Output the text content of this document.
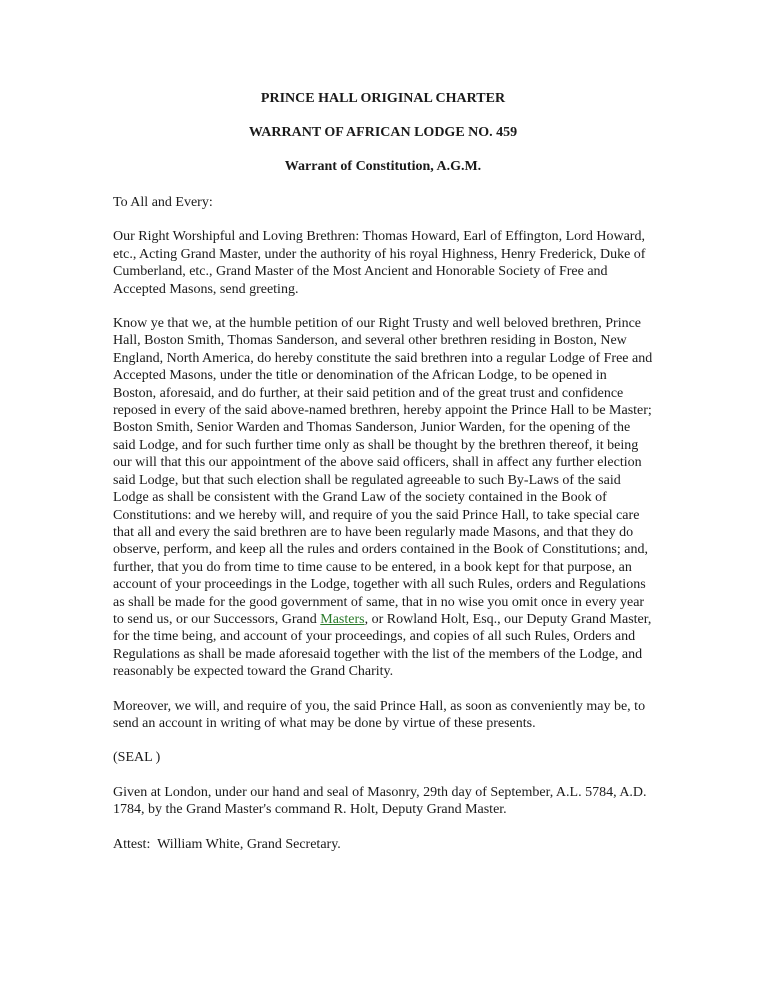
PRINCE HALL ORIGINAL CHARTER
WARRANT OF AFRICAN LODGE NO. 459
Warrant of Constitution, A.G.M.

To All and Every:

Our Right Worshipful and Loving Brethren: Thomas Howard, Earl of Effington, Lord Howard, etc., Acting Grand Master, under the authority of his royal Highness, Henry Frederick, Duke of Cumberland, etc., Grand Master of the Most Ancient and Honorable Society of Free and Accepted Masons, send greeting.

Know ye that we, at the humble petition of our Right Trusty and well beloved brethren, Prince Hall, Boston Smith, Thomas Sanderson, and several other brethren residing in Boston, New England, North America, do hereby constitute the said brethren into a regular Lodge of Free and Accepted Masons, under the title or denomination of the African Lodge, to be opened in Boston, aforesaid, and do further, at their said petition and of the great trust and confidence reposed in every of the said above-named brethren, hereby appoint the Prince Hall to be Master; Boston Smith, Senior Warden and Thomas Sanderson, Junior Warden, for the opening of the said Lodge, and for such further time only as shall be thought by the brethren thereof, it being our will that this our appointment of the above said officers, shall in affect any further election said Lodge, but that such election shall be regulated agreeable to such By-Laws of the said Lodge as shall be consistent with the Grand Law of the society contained in the Book of Constitutions: and we hereby will, and require of you the said Prince Hall, to take special care that all and every the said brethren are to have been regularly made Masons, and that they do observe, perform, and keep all the rules and orders contained in the Book of Constitutions; and, further, that you do from time to time cause to be entered, in a book kept for that purpose, an account of your proceedings in the Lodge, together with all such Rules, orders and Regulations as shall be made for the good government of same, that in no wise you omit once in every year to send us, or our Successors, Grand Masters, or Rowland Holt, Esq., our Deputy Grand Master, for the time being, and account of your proceedings, and copies of all such Rules, Orders and Regulations as shall be made aforesaid together with the list of the members of the Lodge, and reasonably be expected toward the Grand Charity.

Moreover, we will, and require of you, the said Prince Hall, as soon as conveniently may be, to send an account in writing of what may be done by virtue of these presents.

(SEAL )

Given at London, under our hand and seal of Masonry, 29th day of September, A.L. 5784, A.D. 1784, by the Grand Master's command R. Holt, Deputy Grand Master.

Attest:  William White, Grand Secretary.
